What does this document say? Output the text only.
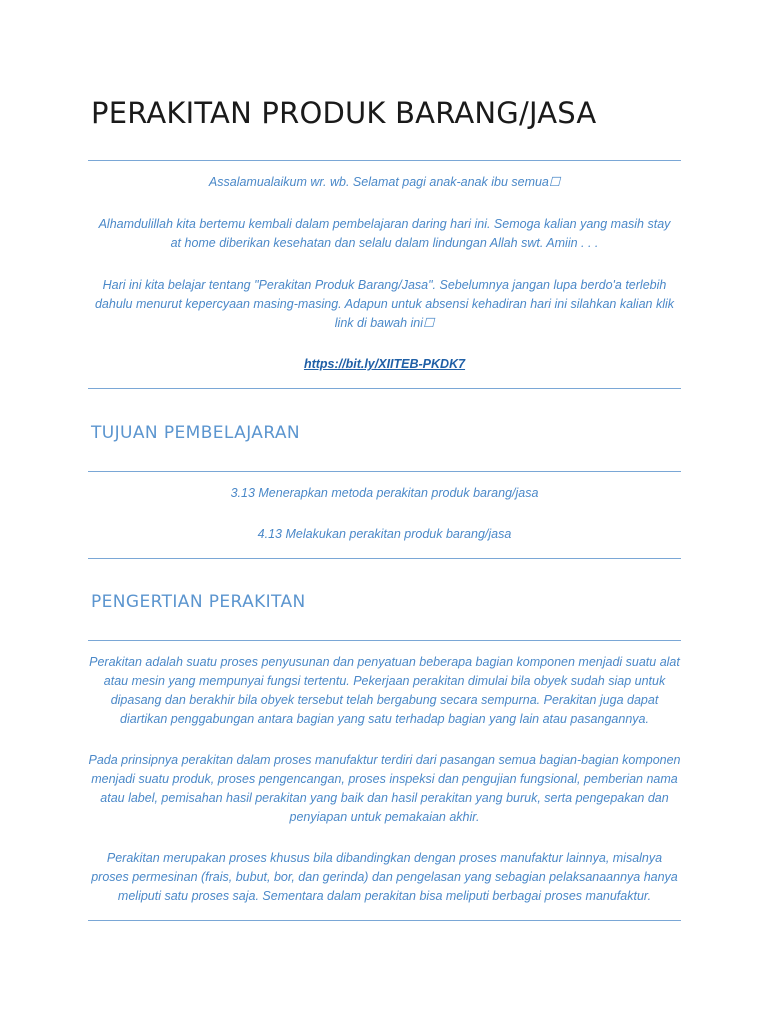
PERAKITAN PRODUK BARANG/JASA

Assalamualaikum wr. wb. Selamat pagi anak-anak ibu semua☐

Alhamdulillah kita bertemu kembali dalam pembelajaran daring hari ini. Semoga kalian yang masih stay at home diberikan kesehatan dan selalu dalam lindungan Allah swt. Amiin . . .

Hari ini kita belajar tentang "Perakitan Produk Barang/Jasa". Sebelumnya jangan lupa berdo'a terlebih dahulu menurut kepercyaan masing-masing. Adapun untuk absensi kehadiran hari ini silahkan kalian klik link di bawah ini☐

https://bit.ly/XIITEB-PKDK7

TUJUAN PEMBELAJARAN

3.13 Menerapkan metoda perakitan produk barang/jasa

4.13 Melakukan perakitan produk barang/jasa

PENGERTIAN PERAKITAN

Perakitan adalah suatu proses penyusunan dan penyatuan beberapa bagian komponen menjadi suatu alat atau mesin yang mempunyai fungsi tertentu. Pekerjaan perakitan dimulai bila obyek sudah siap untuk dipasang dan berakhir bila obyek tersebut telah bergabung secara sempurna. Perakitan juga dapat diartikan penggabungan antara bagian yang satu terhadap bagian yang lain atau pasangannya.

Pada prinsipnya perakitan dalam proses manufaktur terdiri dari pasangan semua bagian-bagian komponen menjadi suatu produk, proses pengencangan, proses inspeksi dan pengujian fungsional, pemberian nama atau label, pemisahan hasil perakitan yang baik dan hasil perakitan yang buruk, serta pengepakan dan penyiapan untuk pemakaian akhir.

Perakitan merupakan proses khusus bila dibandingkan dengan proses manufaktur lainnya, misalnya proses permesinan (frais, bubut, bor, dan gerinda) dan pengelasan yang sebagian pelaksanaannya hanya meliputi satu proses saja. Sementara dalam perakitan bisa meliputi berbagai proses manufaktur.
